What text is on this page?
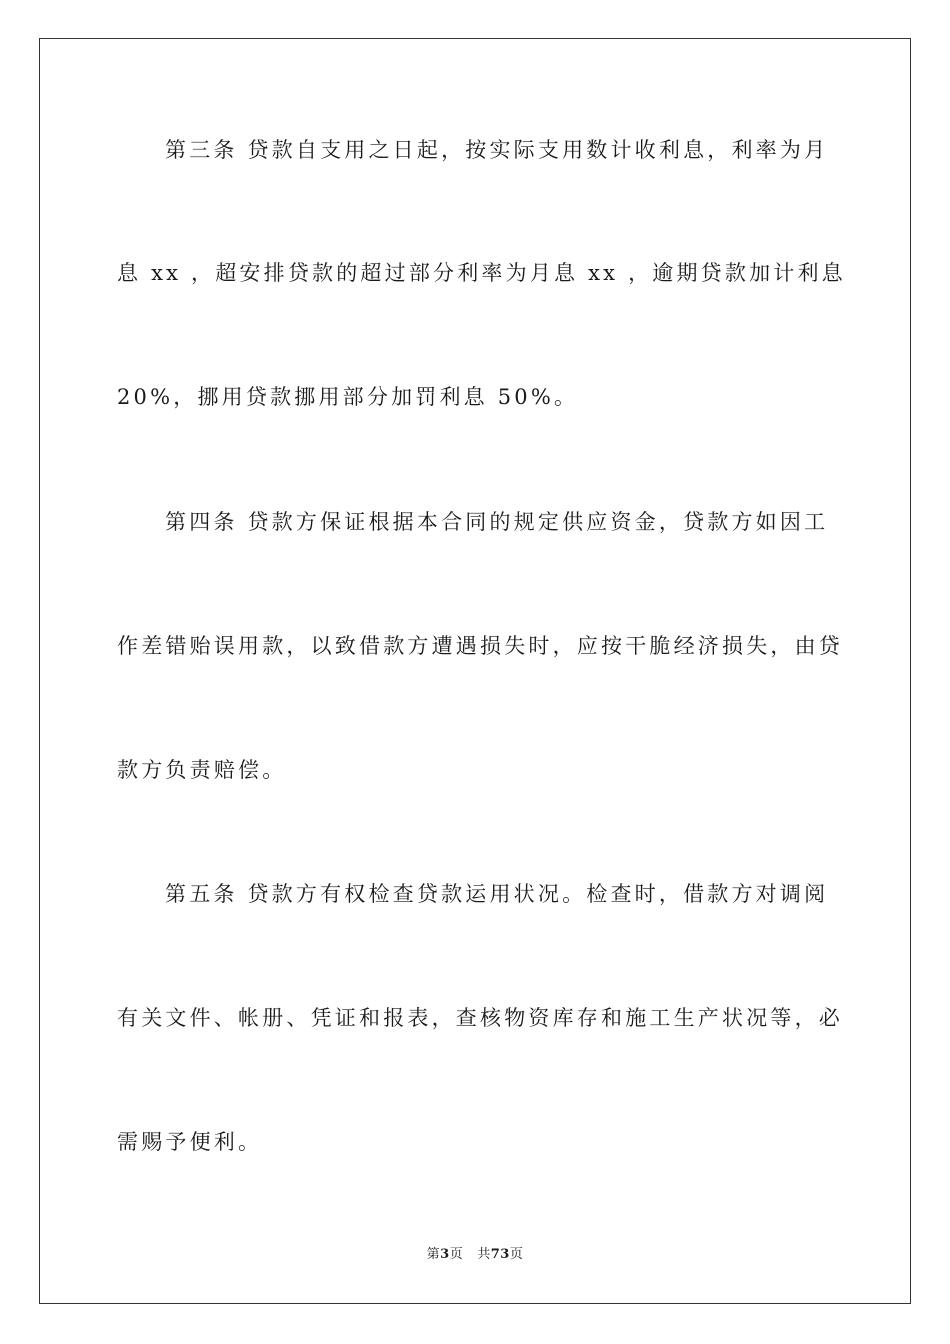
第三条 贷款自支用之日起，按实际支用数计收利息，利率为月
息 xx ，超安排贷款的超过部分利率为月息 xx ，逾期贷款加计利息
20%，挪用贷款挪用部分加罚利息 50%。
第四条 贷款方保证根据本合同的规定供应资金，贷款方如因工
作差错贻误用款，以致借款方遭遇损失时，应按干脆经济损失，由贷
款方负责赔偿。
第五条 贷款方有权检查贷款运用状况。检查时，借款方对调阅
有关文件、帐册、凭证和报表，查核物资库存和施工生产状况等，必
需赐予便利。
第3页 共73页
